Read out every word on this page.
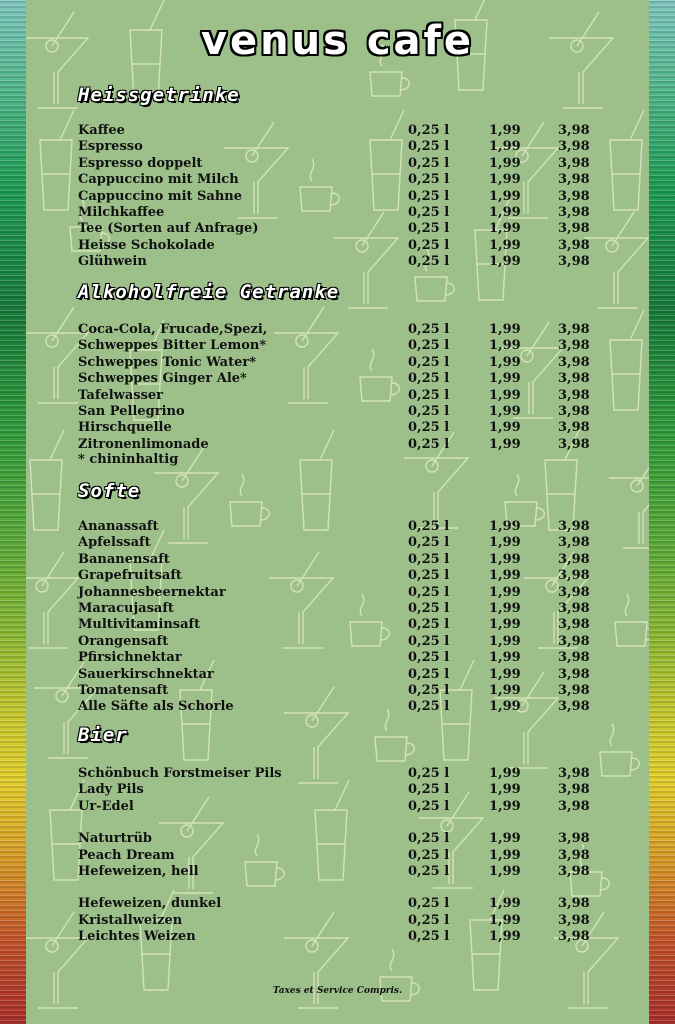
venus cafe
Heissgetrinke
Kaffee	0,25 l	1,99	3,98
Espresso	0,25 l	1,99	3,98
Espresso doppelt	0,25 l	1,99	3,98
Cappuccino mit Milch	0,25 l	1,99	3,98
Cappuccino mit Sahne	0,25 l	1,99	3,98
Milchkaffee	0,25 l	1,99	3,98
Tee (Sorten auf Anfrage)	0,25 l	1,99	3,98
Heisse Schokolade	0,25 l	1,99	3,98
Glühwein	0,25 l	1,99	3,98
Alkoholfreie Getranke
Coca-Cola, Frucade,Spezi,	0,25 l	1,99	3,98
Schweppes Bitter Lemon*	0,25 l	1,99	3,98
Schweppes Tonic Water*	0,25 l	1,99	3,98
Schweppes Ginger Ale*	0,25 l	1,99	3,98
Tafelwasser	0,25 l	1,99	3,98
San Pellegrino	0,25 l	1,99	3,98
Hirschquelle	0,25 l	1,99	3,98
Zitronenlimonade	0,25 l	1,99	3,98
* chininhaltig
Softe
Ananassaft	0,25 l	1,99	3,98
Apfelssaft	0,25 l	1,99	3,98
Bananensaft	0,25 l	1,99	3,98
Grapefruitsaft	0,25 l	1,99	3,98
Johannesbeernektar	0,25 l	1,99	3,98
Maracujasaft	0,25 l	1,99	3,98
Multivitaminsaft	0,25 l	1,99	3,98
Orangensaft	0,25 l	1,99	3,98
Pfirsichnektar	0,25 l	1,99	3,98
Sauerkirschnektar	0,25 l	1,99	3,98
Tomatensaft	0,25 l	1,99	3,98
Alle Säfte als Schorle	0,25 l	1,99	3,98
Bier
Schönbuch Forstmeiser Pils	0,25 l	1,99	3,98
Lady Pils	0,25 l	1,99	3,98
Ur-Edel	0,25 l	1,99	3,98
Naturtrüb	0,25 l	1,99	3,98
Peach Dream	0,25 l	1,99	3,98
Hefeweizen, hell	0,25 l	1,99	3,98
Hefeweizen, dunkel	0,25 l	1,99	3,98
Kristallweizen	0,25 l	1,99	3,98
Leichtes Weizen	0,25 l	1,99	3,98
Taxes et Service Compris.
